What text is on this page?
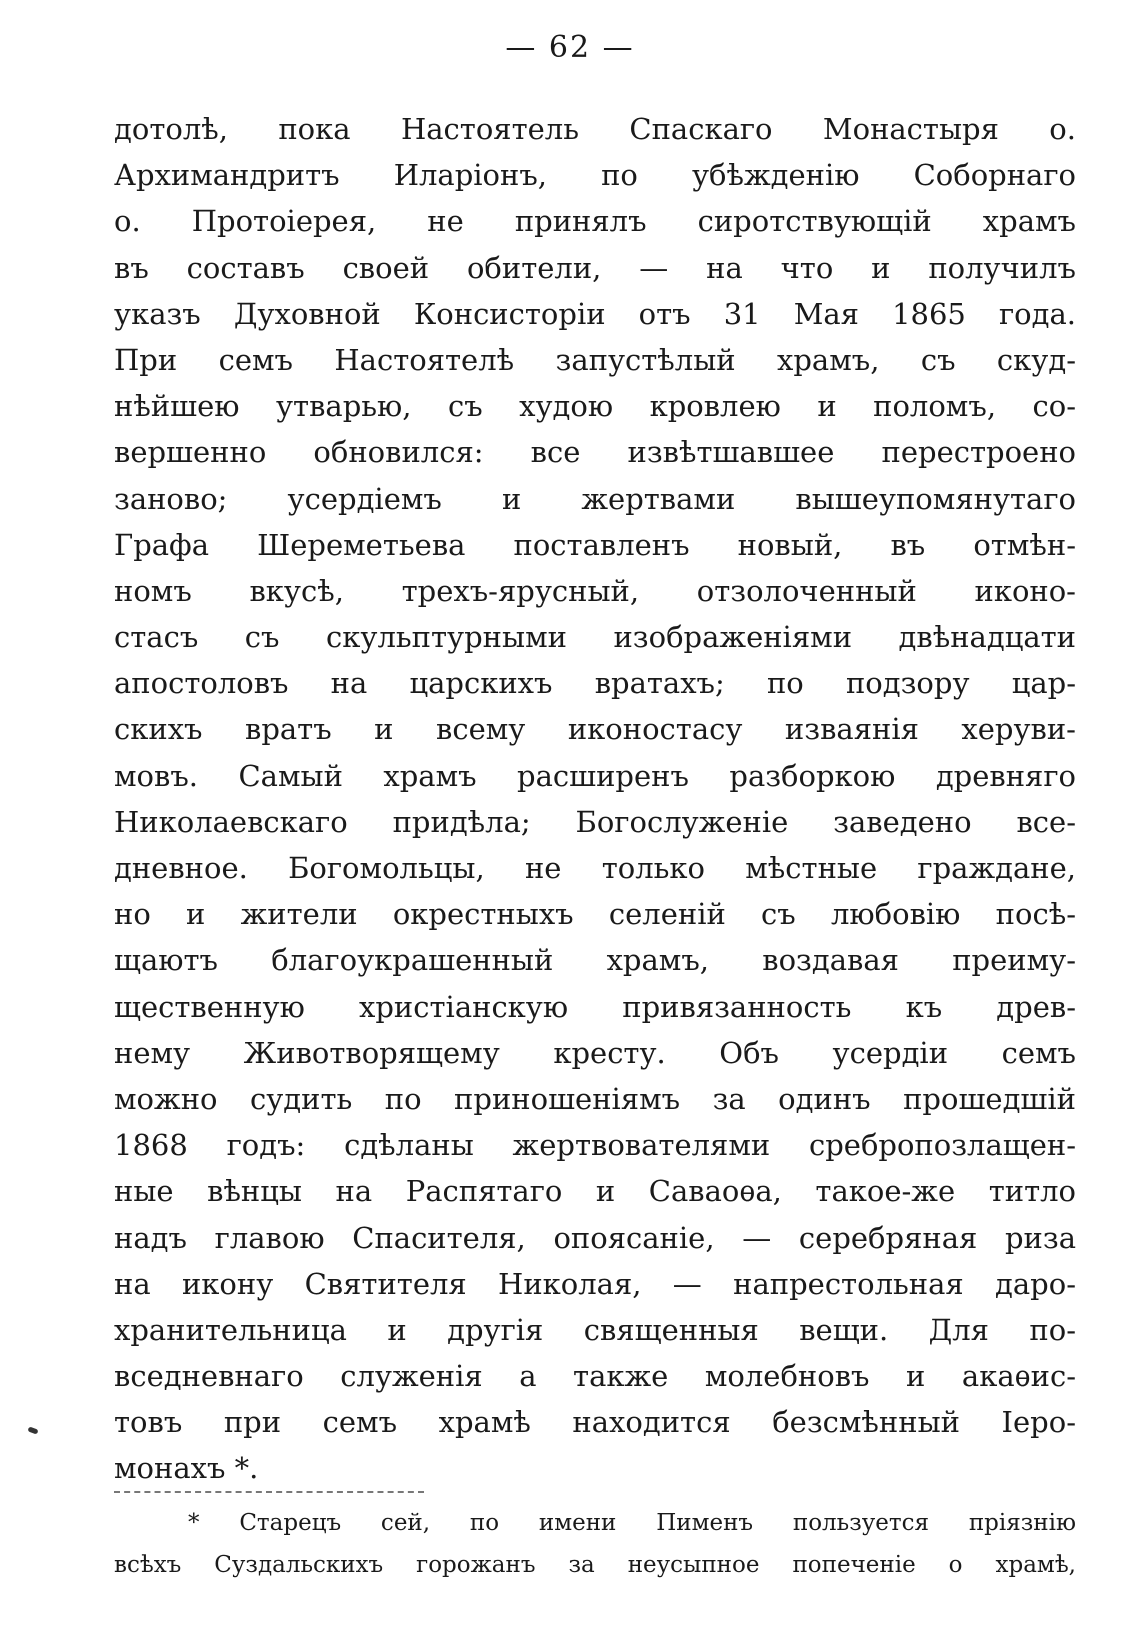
— 62 —
дотолѣ, пока Настоятель Спаскаго Монастыря о.
Архимандритъ Иларіонъ, по убѣжденію Соборнаго
о. Протоіерея, не принялъ сиротствующій храмъ
въ составъ своей обители, — на что и получилъ
указъ Духовной Консисторіи отъ 31 Мая 1865 года.
При семъ Настоятелѣ запустѣлый храмъ, съ скуд-
нѣйшею утварью, съ худою кровлею и поломъ, со-
вершенно обновился: все извѣтшавшее перестроено
заново; усердіемъ и жертвами вышеупомянутаго
Графа Шереметьева поставленъ новый, въ отмѣн-
номъ вкусѣ, трехъ-ярусный, отзолоченный иконо-
стасъ съ скульптурными изображеніями двѣнадцати
апостоловъ на царскихъ вратахъ; по подзору цар-
скихъ вратъ и всему иконостасу изваянія херуви-
мовъ. Самый храмъ расширенъ разборкою древняго
Николаевскаго придѣла; Богослуженіе заведено все-
дневное. Богомольцы, не только мѣстные граждане,
но и жители окрестныхъ селеній съ любовію посѣ-
щаютъ благоукрашенный храмъ, воздавая преиму-
щественную христіанскую привязанность къ древ-
нему Животворящему кресту. Объ усердіи семъ
можно судить по приношеніямъ за одинъ прошедшій
1868 годъ: сдѣланы жертвователями сребропозлащен-
ные вѣнцы на Распятаго и Саваоѳа, такое-же титло
надъ главою Спасителя, опоясаніе, — серебряная риза
на икону Святителя Николая, — напрестольная даро-
хранительница и другія священныя вещи. Для по-
вседневнаго служенія а также молебновъ и акаѳис-
товъ при семъ храмѣ находится безсмѣнный Іеро-
монахъ *.
* Старецъ сей, по имени Пименъ пользуется пріязнію
всѣхъ Суздальскихъ горожанъ за неусыпное попеченіе о храмѣ,
